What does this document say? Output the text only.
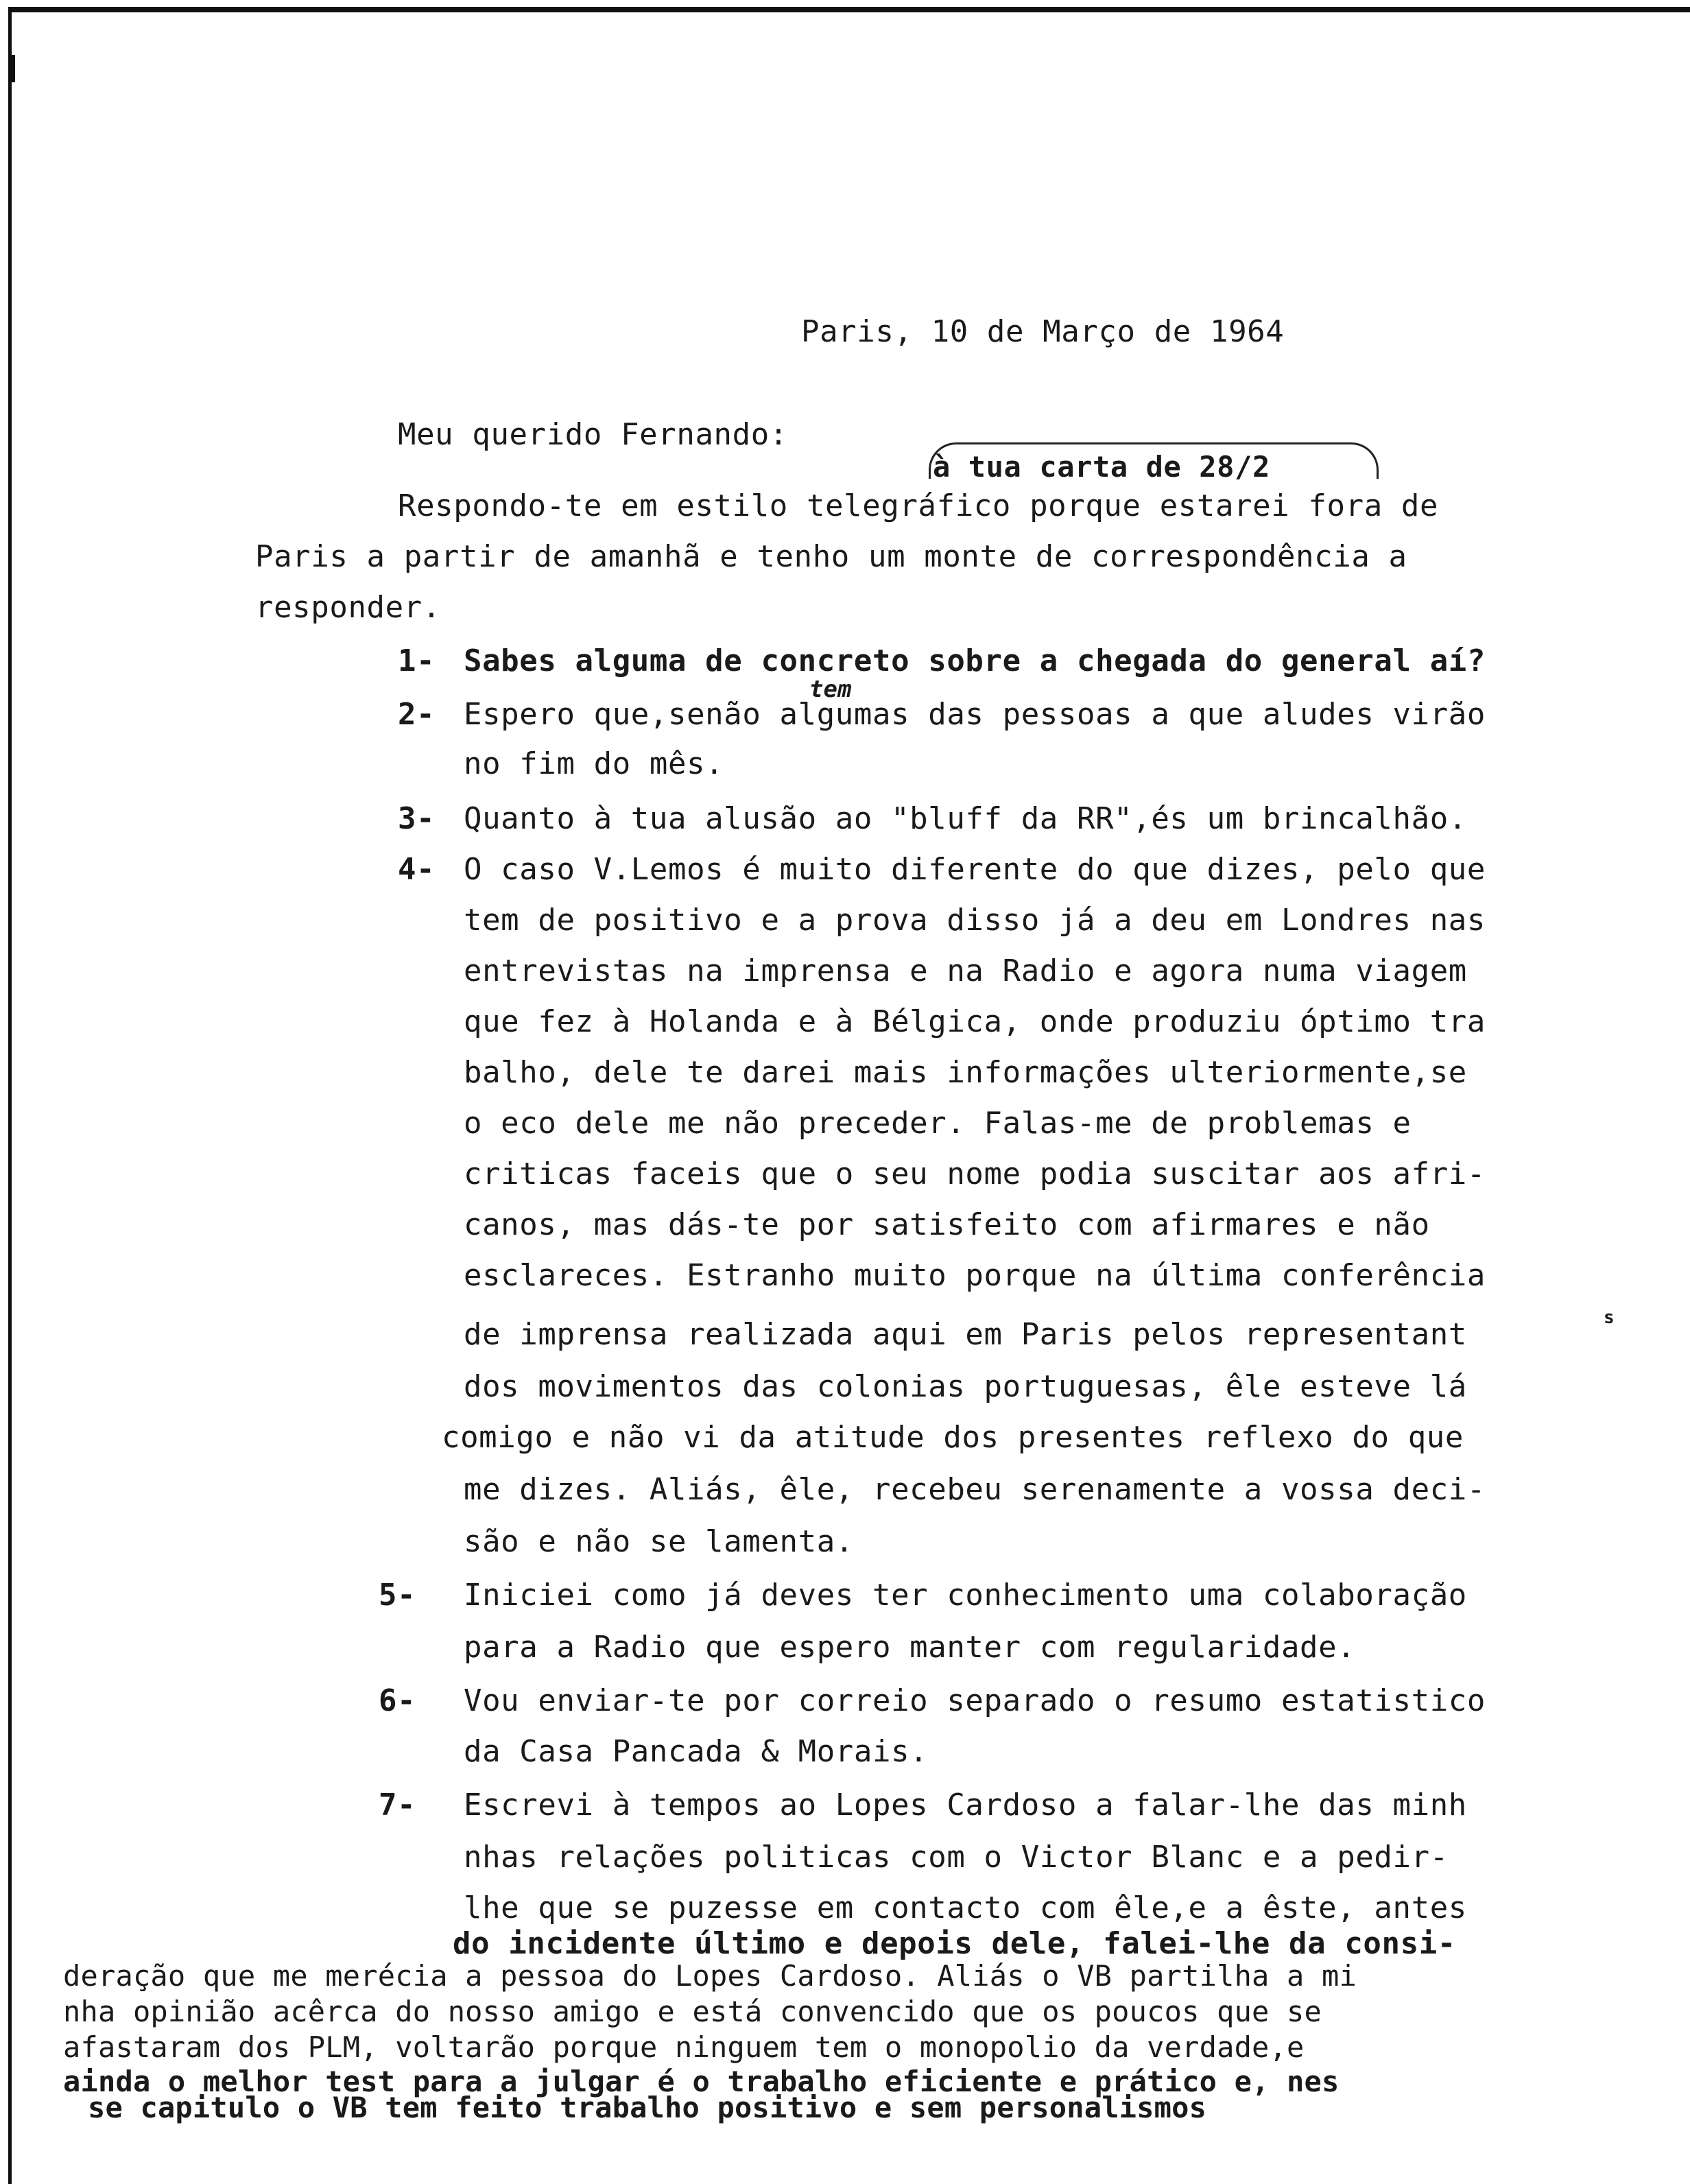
Paris, 10 de Março de 1964
Meu querido Fernando:
à tua carta de 28/2
Respondo-te em estilo telegráfico porque estarei fora de
Paris a partir de amanhã e tenho um monte de correspondência a
responder.
1- Sabes alguma de concreto sobre a chegada do general aí?
tem
2- Espero que,senão algumas das pessoas a que aludes virão
no fim do mês.
3- Quanto à tua alusão ao "bluff da RR",és um brincalhão.
4- O caso V.Lemos é muito diferente do que dizes, pelo que
tem de positivo e a prova disso já a deu em Londres nas
entrevistas na imprensa e na Radio e agora numa viagem
que fez à Holanda e à Bélgica, onde produziu óptimo tra
balho, dele te darei mais informações ulteriormente,se
o eco dele me não preceder. Falas-me de problemas e
criticas faceis que o seu nome podia suscitar aos afri-
canos, mas dás-te por satisfeito com afirmares e não
esclareces. Estranho muito porque na última conferência
de imprensa realizada aqui em Paris pelos representant	s
dos movimentos das colonias portuguesas, êle esteve lá
comigo e não vi da atitude dos presentes reflexo do que
me dizes. Aliás, êle, recebeu serenamente a vossa deci-
são e não se lamenta.
5- Iniciei como já deves ter conhecimento uma colaboração
para a Radio que espero manter com regularidade.
6- Vou enviar-te por correio separado o resumo estatistico
da Casa Pancada & Morais.
7- Escrevi à tempos ao Lopes Cardoso a falar-lhe das minh
nhas relações politicas com o Victor Blanc e a pedir-
lhe que se puzesse em contacto com êle,e a êste, antes
do incidente último e depois dele, falei-lhe da consi-
deração que me merécia a pessoa do Lopes Cardoso. Aliás o VB partilha a mi
nha opinião acêrca do nosso amigo e está convencido que os poucos que se
afastaram dos PLM, voltarão porque ninguem tem o monopolio da verdade,e
ainda o melhor test para a julgar é o trabalho eficiente e prático e, nes
se capitulo o VB tem feito trabalho positivo e sem personalismos
